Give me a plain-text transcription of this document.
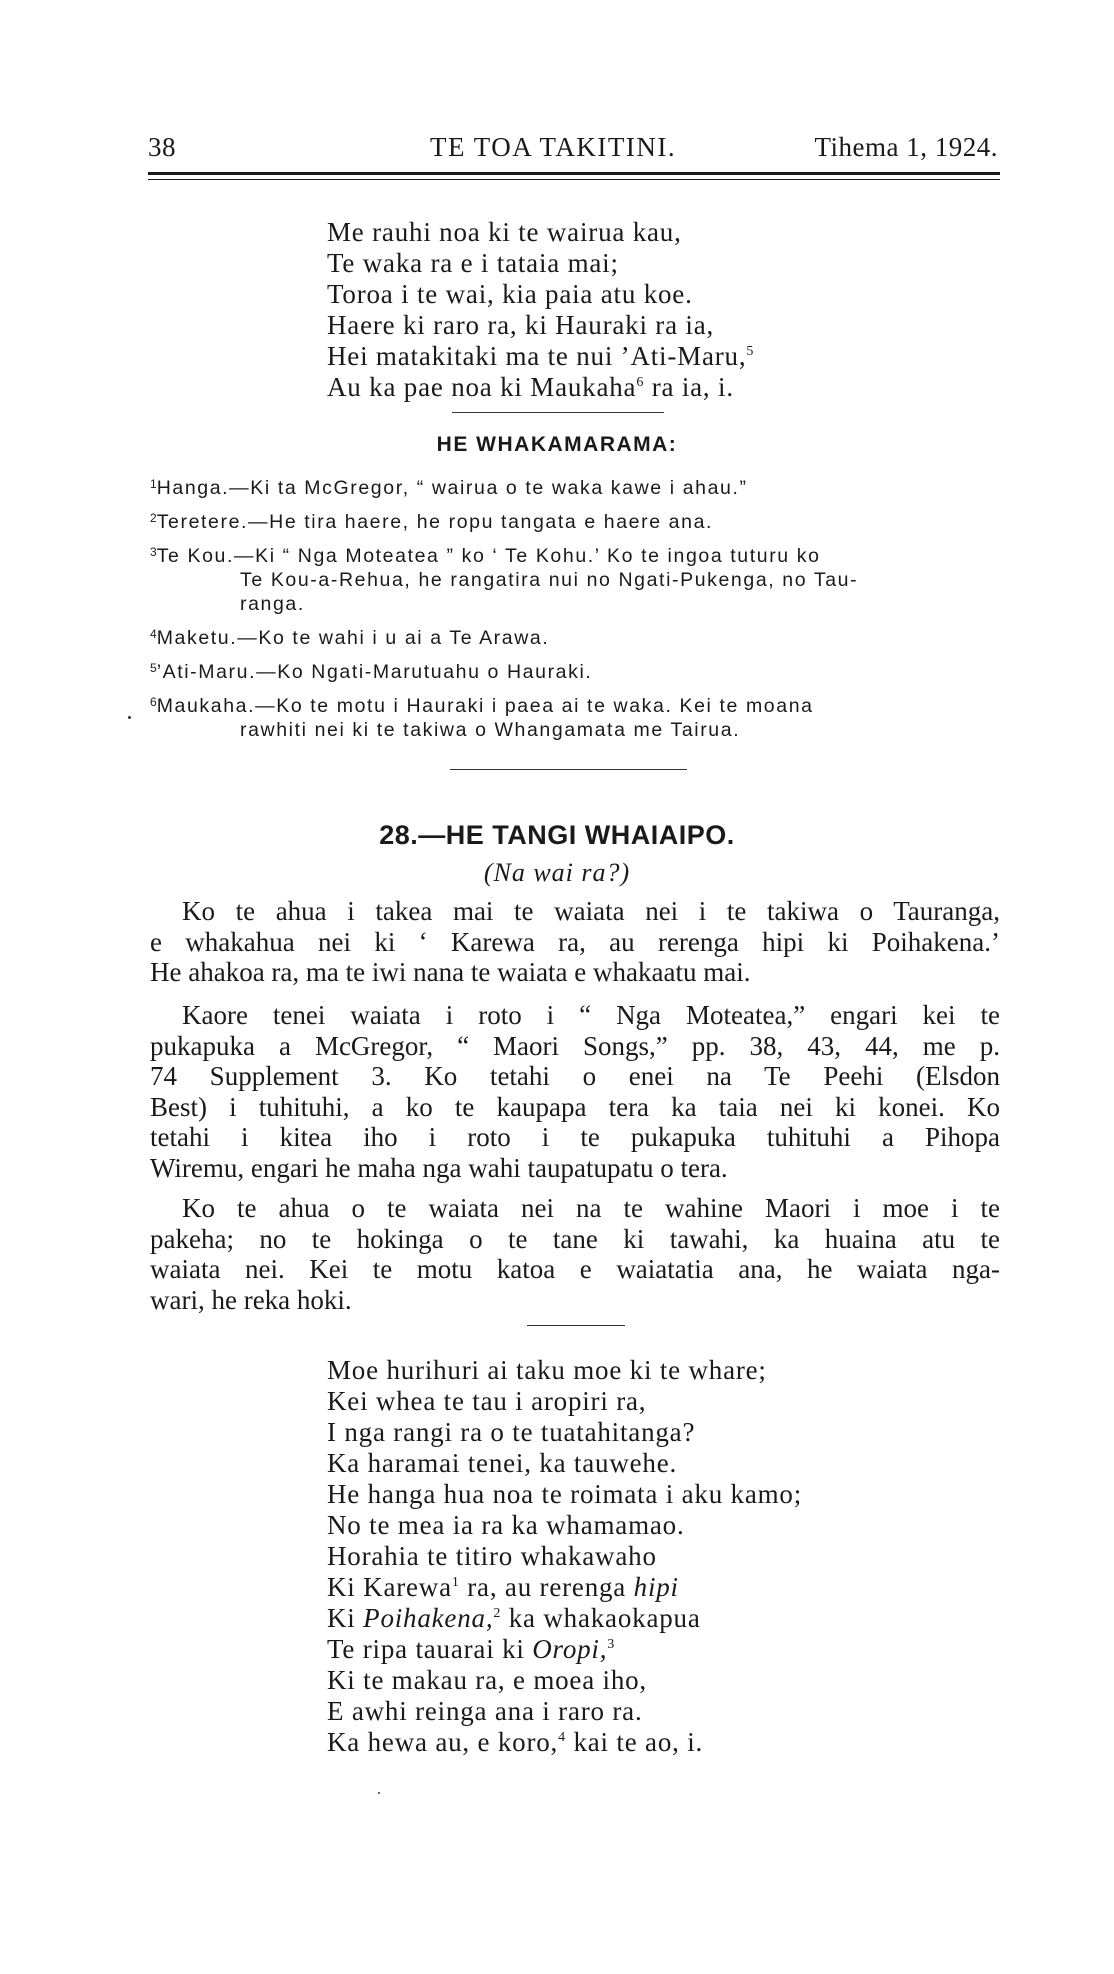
38	TE TOA TAKITINI.	Tihema 1, 1924.
Me rauhi noa ki te wairua kau,
Te waka ra e i tataia mai;
Toroa i te wai, kia paia atu koe.
Haere ki raro ra, ki Hauraki ra ia,
Hei matakitaki ma te nui ’Ati-Maru,$^5$
Au ka pae noa ki Maukaha$^6$ ra ia, i.
HE WHAKAMARAMA:
$^1$Hanga.—Ki ta McGregor, “ wairua o te waka kawe i ahau.”
$^2$Teretere.—He tira haere, he ropu tangata e haere ana.
$^3$Te Kou.—Ki “ Nga Moteatea ” ko ‘ Te Kohu.’ Ko te ingoa tuturu ko
Te Kou-a-Rehua, he rangatira nui no Ngati-Pukenga, no Tau-
ranga.
$^4$Maketu.—Ko te wahi i u ai a Te Arawa.
$^5$’Ati-Maru.—Ko Ngati-Marutuahu o Hauraki.
$^6$Maukaha.—Ko te motu i Hauraki i paea ai te waka. Kei te moana
rawhiti nei ki te takiwa o Whangamata me Tairua.
28.—HE TANGI WHAIAIPO.
(Na wai ra?)
Ko te ahua i takea mai te waiata nei i te takiwa o Tauranga,
e whakahua nei ki ‘ Karewa ra, au rerenga hipi ki Poihakena.’
He ahakoa ra, ma te iwi nana te waiata e whakaatu mai.
Kaore tenei waiata i roto i “ Nga Moteatea,” engari kei te
pukapuka a McGregor, “ Maori Songs,” pp. 38, 43, 44, me p.
74 Supplement 3. Ko tetahi o enei na Te Peehi (Elsdon
Best) i tuhituhi, a ko te kaupapa tera ka taia nei ki konei. Ko
tetahi i kitea iho i roto i te pukapuka tuhituhi a Pihopa
Wiremu, engari he maha nga wahi taupatupatu o tera.
Ko te ahua o te waiata nei na te wahine Maori i moe i te
pakeha; no te hokinga o te tane ki tawahi, ka huaina atu te
waiata nei. Kei te motu katoa e waiatatia ana, he waiata nga-
wari, he reka hoki.
Moe hurihuri ai taku moe ki te whare;
Kei whea te tau i aropiri ra,
I nga rangi ra o te tuatahitanga?
Ka haramai tenei, ka tauwehe.
He hanga hua noa te roimata i aku kamo;
No te mea ia ra ka whamamao.
Horahia te titiro whakawaho
Ki Karewa$^1$ ra, au rerenga hipi
Ki Poihakena,$^2$ ka whakaokapua
Te ripa tauarai ki Oropi,$^3$
Ki te makau ra, e moea iho,
E awhi reinga ana i raro ra.
Ka hewa au, e koro,$^4$ kai te ao, i.
